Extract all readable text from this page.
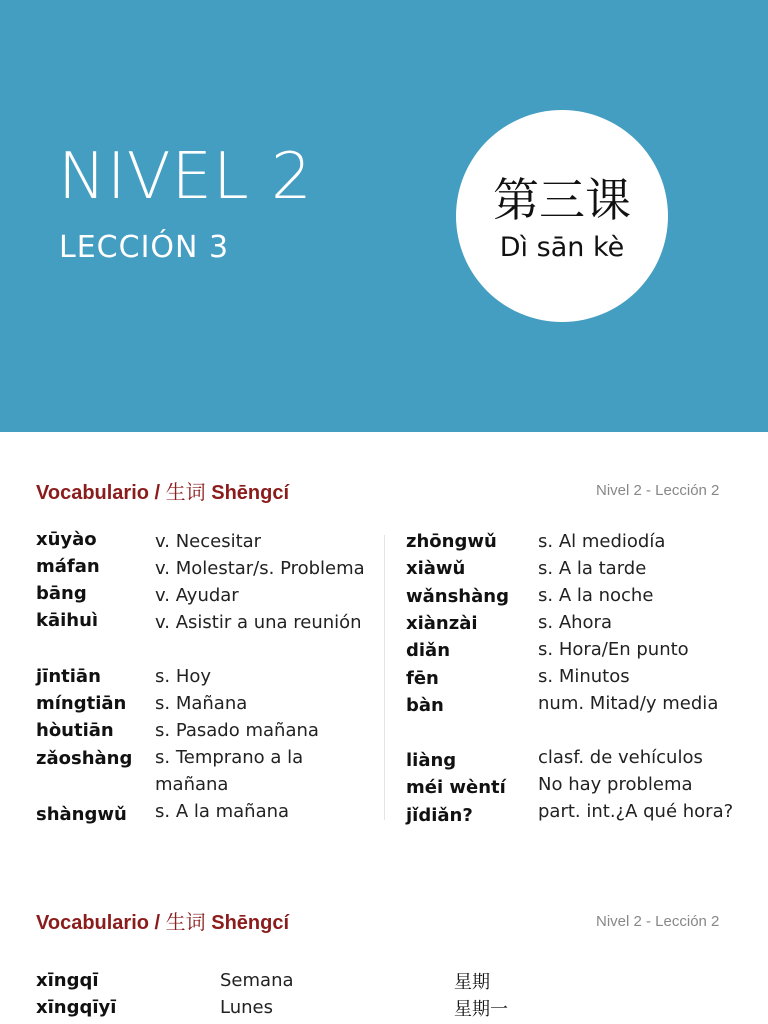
NIVEL 2
LECCIÓN 3
第三课
Dì sān kè
Vocabulario / 生词 Shēngcí	Nivel 2 - Lección 2
xūyào	v. Necesitar
máfan	v. Molestar/s. Problema
bāng	v. Ayudar
kāihuì	v. Asistir a una reunión
jīntiān	s. Hoy
míngtiān s. Mañana
hòutiān s. Pasado mañana
zǎoshàng s. Temprano a la mañana
shàngwǔ s. A la mañana
zhōngwǔ s. Al mediodía
xiàwǔ	s. A la tarde
wǎnshàng s. A la noche
xiànzài	s. Ahora
diǎn	s. Hora/En punto
fēn	s. Minutos
bàn	num. Mitad/y media
liàng	clasf. de vehículos
méi wèntí No hay problema
jǐdiǎn?	part. int.¿A qué hora?
Vocabulario / 生词 Shēngcí	Nivel 2 - Lección 2
xīngqī	Semana	星期
xīngqīyī	Lunes	星期一
